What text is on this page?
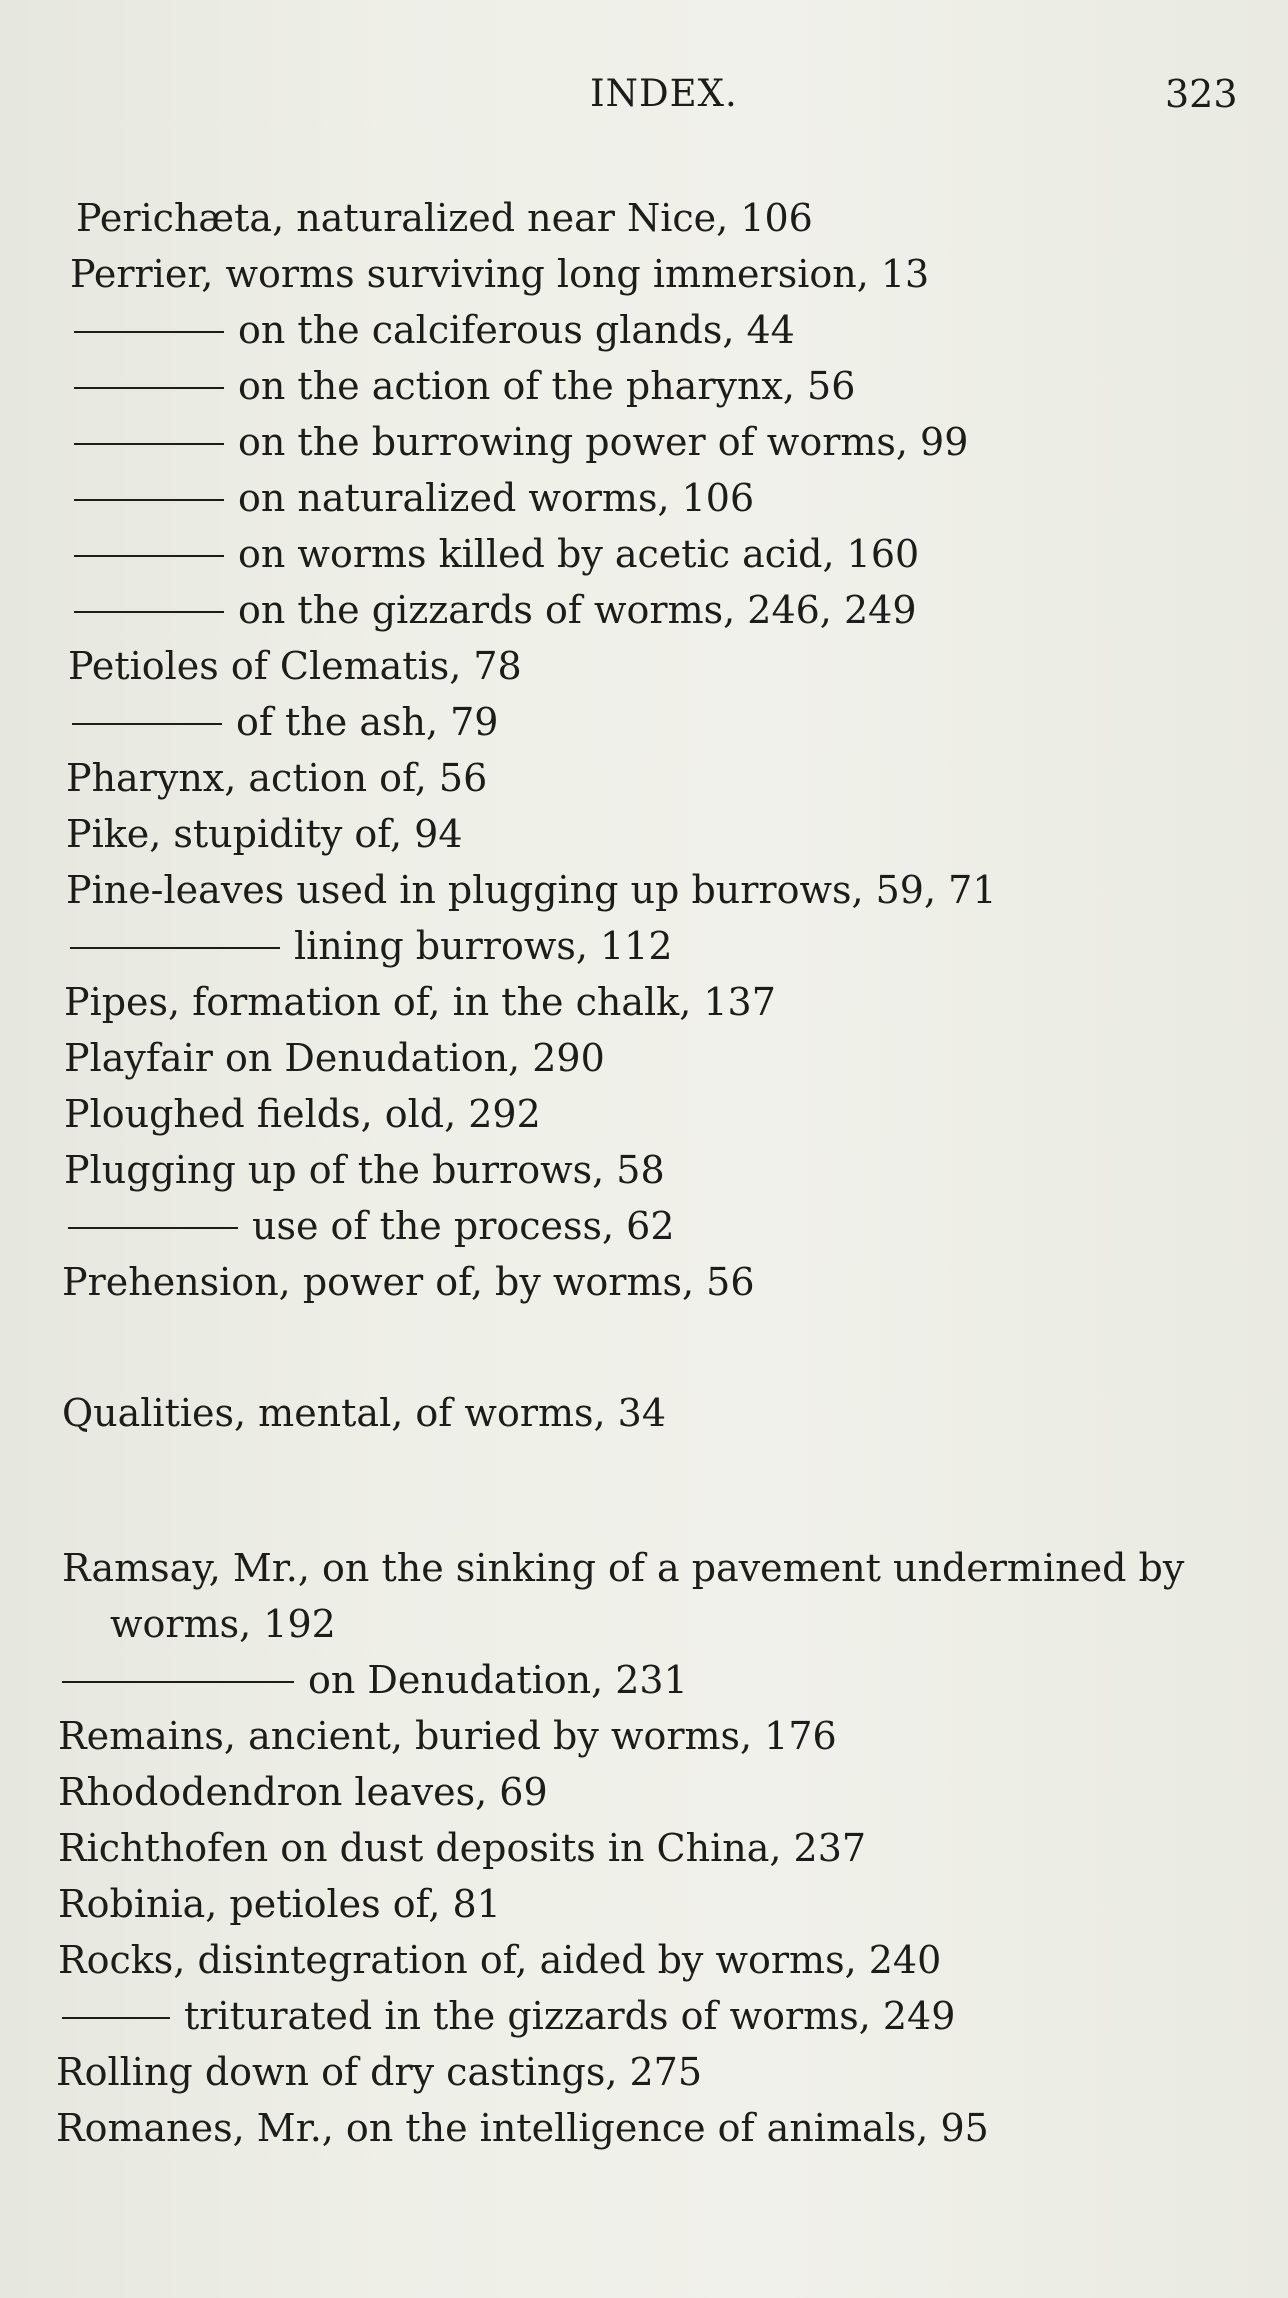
INDEX.	323
Perichæta, naturalized near Nice, 106
Perrier, worms surviving long immersion, 13
on the calciferous glands, 44
on the action of the pharynx, 56
on the burrowing power of worms, 99
on naturalized worms, 106
on worms killed by acetic acid, 160
on the gizzards of worms, 246, 249
Petioles of Clematis, 78
of the ash, 79
Pharynx, action of, 56
Pike, stupidity of, 94
Pine-leaves used in plugging up burrows, 59, 71
lining burrows, 112
Pipes, formation of, in the chalk, 137
Playfair on Denudation, 290
Ploughed fields, old, 292
Plugging up of the burrows, 58
use of the process, 62
Prehension, power of, by worms, 56
Qualities, mental, of worms, 34
Ramsay, Mr., on the sinking of a pavement undermined by worms, 192
on Denudation, 231
Remains, ancient, buried by worms, 176
Rhododendron leaves, 69
Richthofen on dust deposits in China, 237
Robinia, petioles of, 81
Rocks, disintegration of, aided by worms, 240
triturated in the gizzards of worms, 249
Rolling down of dry castings, 275
Romanes, Mr., on the intelligence of animals, 95
